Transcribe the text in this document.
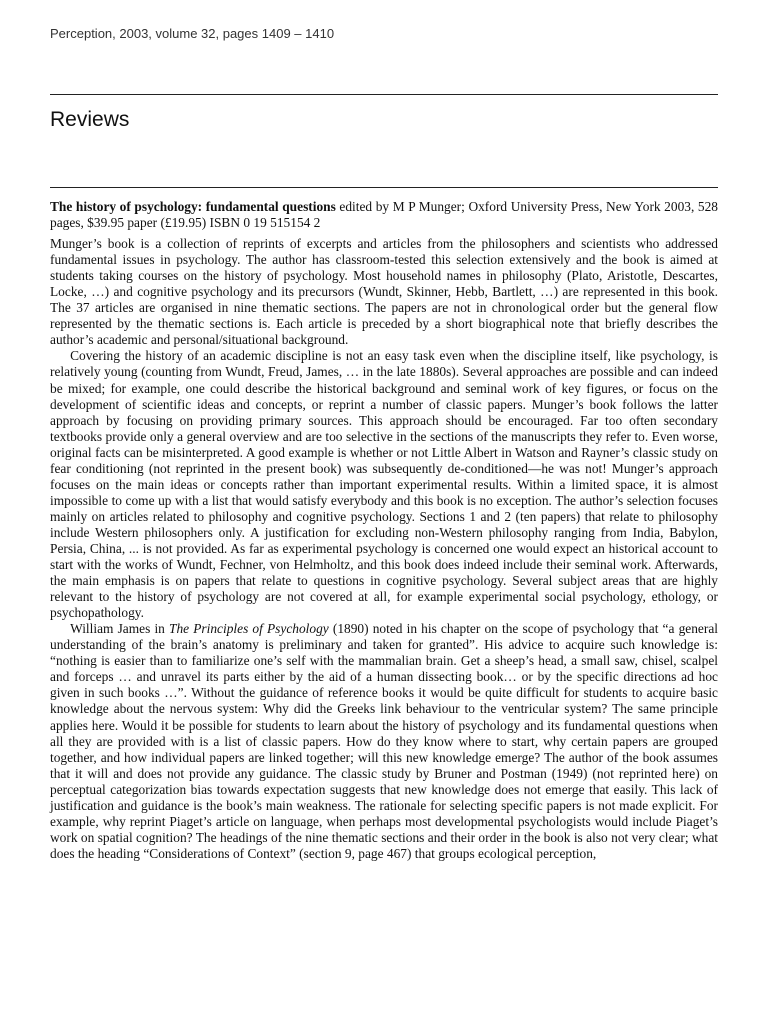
Perception, 2003, volume 32, pages 1409 – 1410
Reviews

The history of psychology: fundamental questions edited by M P Munger; Oxford University Press, New York 2003, 528 pages, $39.95 paper (£19.95) ISBN 0 19 515154 2

Munger’s book is a collection of reprints of excerpts and articles from the philosophers and scientists who addressed fundamental issues in psychology. The author has classroom-tested this selection extensively and the book is aimed at students taking courses on the history of psychology. Most household names in philosophy (Plato, Aristotle, Descartes, Locke, …) and cognitive psychology and its precursors (Wundt, Skinner, Hebb, Bartlett, …) are represented in this book. The 37 articles are organised in nine thematic sections. The papers are not in chronological order but the general flow represented by the thematic sections is. Each article is preceded by a short biographical note that briefly describes the author’s academic and personal/situational background.

Covering the history of an academic discipline is not an easy task even when the discipline itself, like psychology, is relatively young (counting from Wundt, Freud, James, … in the late 1880s). Several approaches are possible and can indeed be mixed; for example, one could describe the historical background and seminal work of key figures, or focus on the development of scientific ideas and concepts, or reprint a number of classic papers. Munger’s book follows the latter approach by focusing on providing primary sources. This approach should be encouraged. Far too often secondary textbooks provide only a general overview and are too selective in the sections of the manuscripts they refer to. Even worse, original facts can be misinterpreted. A good example is whether or not Little Albert in Watson and Rayner’s classic study on fear conditioning (not reprinted in the present book) was subsequently de-conditioned—he was not! Munger’s approach focuses on the main ideas or concepts rather than important experimental results. Within a limited space, it is almost impossible to come up with a list that would satisfy everybody and this book is no exception. The author’s selection focuses mainly on articles related to philosophy and cognitive psychology. Sections 1 and 2 (ten papers) that relate to philosophy include Western philosophers only. A justification for excluding non-Western philosophy ranging from India, Babylon, Persia, China, ... is not provided. As far as experimental psychology is concerned one would expect an historical account to start with the works of Wundt, Fechner, von Helmholtz, and this book does indeed include their seminal work. Afterwards, the main emphasis is on papers that relate to questions in cognitive psychology. Several subject areas that are highly relevant to the history of psychology are not covered at all, for example experimental social psychology, ethology, or psychopathology.

William James in The Principles of Psychology (1890) noted in his chapter on the scope of psychology that “a general understanding of the brain’s anatomy is preliminary and taken for granted”. His advice to acquire such knowledge is: “nothing is easier than to familiarize one’s self with the mammalian brain. Get a sheep’s head, a small saw, chisel, scalpel and forceps … and unravel its parts either by the aid of a human dissecting book… or by the specific directions ad hoc given in such books …”. Without the guidance of reference books it would be quite difficult for students to acquire basic knowledge about the nervous system: Why did the Greeks link behaviour to the ventricular system? The same principle applies here. Would it be possible for students to learn about the history of psychology and its fundamental questions when all they are provided with is a list of classic papers. How do they know where to start, why certain papers are grouped together, and how individual papers are linked together; will this new knowledge emerge? The author of the book assumes that it will and does not provide any guidance. The classic study by Bruner and Postman (1949) (not reprinted here) on perceptual categorization bias towards expectation suggests that new knowledge does not emerge that easily. This lack of justification and guidance is the book’s main weakness. The rationale for selecting specific papers is not made explicit. For example, why reprint Piaget’s article on language, when perhaps most developmental psychologists would include Piaget’s work on spatial cognition? The headings of the nine thematic sections and their order in the book is also not very clear; what does the heading “Considerations of Context” (section 9, page 467) that groups ecological perception,
